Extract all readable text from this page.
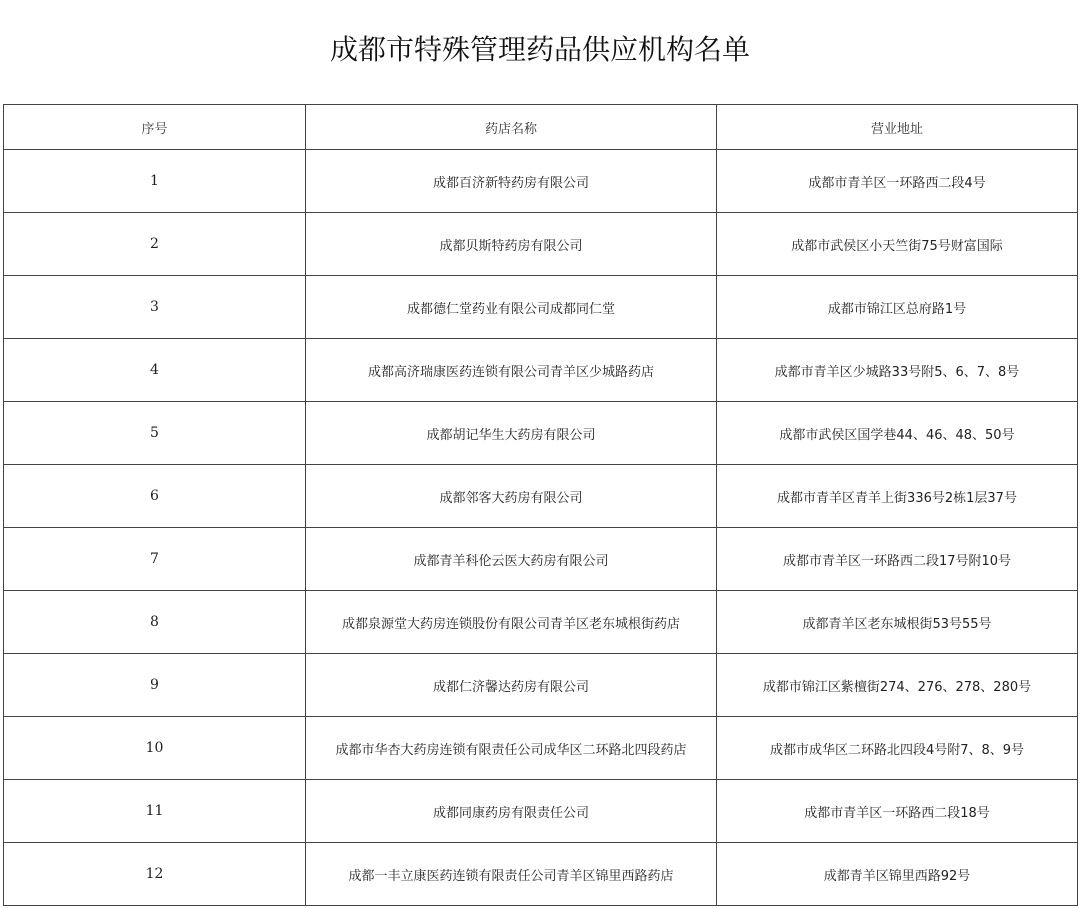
成都市特殊管理药品供应机构名单
序号	药店名称	营业地址
1	成都百济新特药房有限公司	成都市青羊区一环路西二段4号
2	成都贝斯特药房有限公司	成都市武侯区小天竺街75号财富国际
3	成都德仁堂药业有限公司成都同仁堂	成都市锦江区总府路1号
4	成都高济瑞康医药连锁有限公司青羊区少城路药店	成都市青羊区少城路33号附5、6、7、8号
5	成都胡记华生大药房有限公司	成都市武侯区国学巷44、46、48、50号
6	成都邻客大药房有限公司	成都市青羊区青羊上街336号2栋1层37号
7	成都青羊科伦云医大药房有限公司	成都市青羊区一环路西二段17号附10号
8	成都泉源堂大药房连锁股份有限公司青羊区老东城根街药店	成都青羊区老东城根街53号55号
9	成都仁济馨达药房有限公司	成都市锦江区紫檀街274、276、278、280号
10	成都市华杏大药房连锁有限责任公司成华区二环路北四段药店	成都市成华区二环路北四段4号附7、8、9号
11	成都同康药房有限责任公司	成都市青羊区一环路西二段18号
12	成都一丰立康医药连锁有限责任公司青羊区锦里西路药店	成都青羊区锦里西路92号
